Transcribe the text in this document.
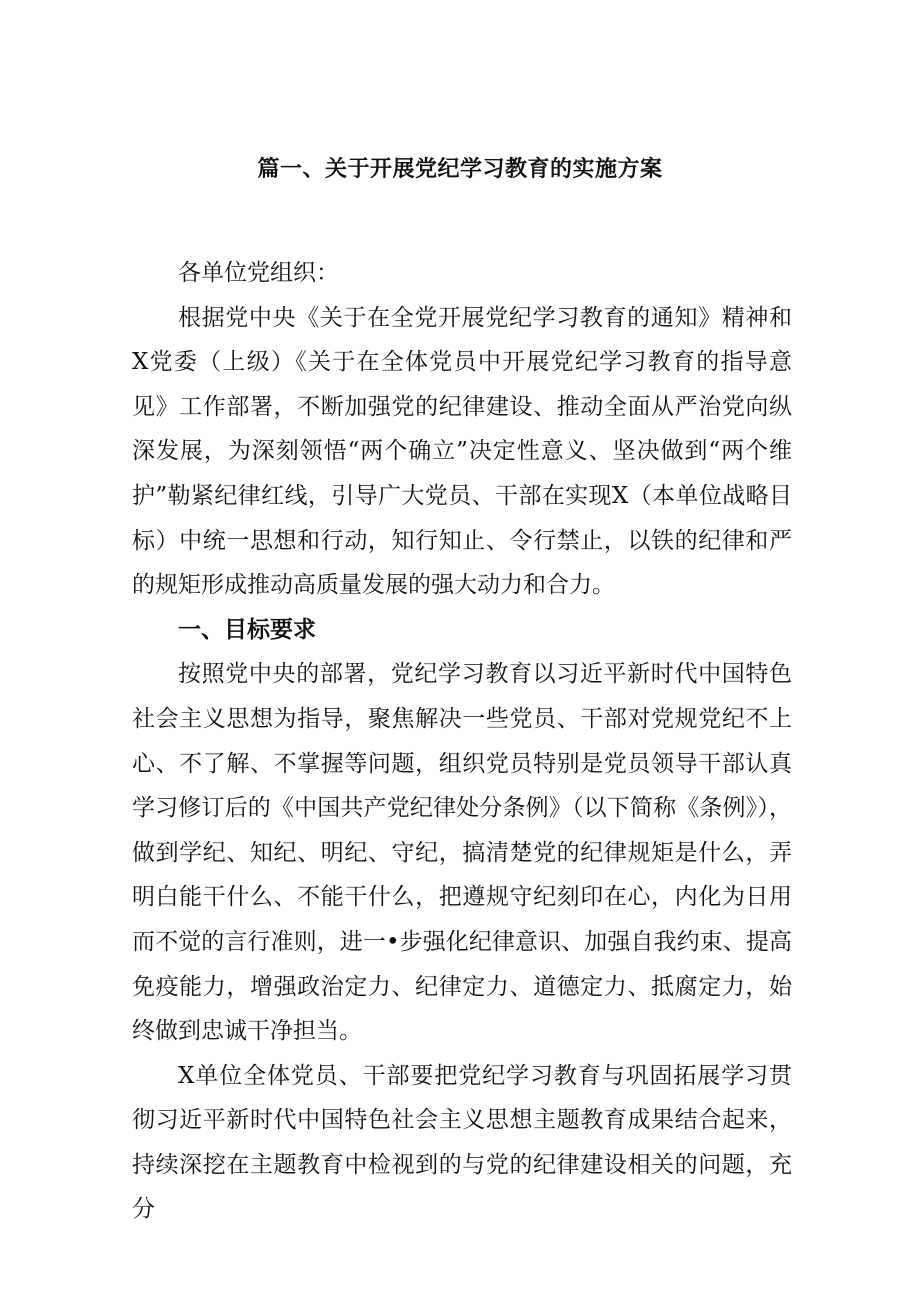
篇一、关于开展党纪学习教育的实施方案

各单位党组织：

根据党中央《关于在全党开展党纪学习教育的通知》精神和X党委（上级）《关于在全体党员中开展党纪学习教育的指导意见》工作部署，不断加强党的纪律建设、推动全面从严治党向纵深发展，为深刻领悟“两个确立”决定性意义、坚决做到“两个维护”勒紧纪律红线，引导广大党员、干部在实现X（本单位战略目标）中统一思想和行动，知行知止、令行禁止，以铁的纪律和严的规矩形成推动高质量发展的强大动力和合力。

一、目标要求

按照党中央的部署，党纪学习教育以习近平新时代中国特色社会主义思想为指导，聚焦解决一些党员、干部对党规党纪不上心、不了解、不掌握等问题，组织党员特别是党员领导干部认真学习修订后的《中国共产党纪律处分条例》（以下简称《条例》），做到学纪、知纪、明纪、守纪，搞清楚党的纪律规矩是什么，弄明白能干什么、不能干什么，把遵规守纪刻印在心，内化为日用而不觉的言行准则，进一•步强化纪律意识、加强自我约束、提高免疫能力，增强政治定力、纪律定力、道德定力、抵腐定力，始终做到忠诚干净担当。

X单位全体党员、干部要把党纪学习教育与巩固拓展学习贯彻习近平新时代中国特色社会主义思想主题教育成果结合起来，持续深挖在主题教育中检视到的与党的纪律建设相关的问题，充分
